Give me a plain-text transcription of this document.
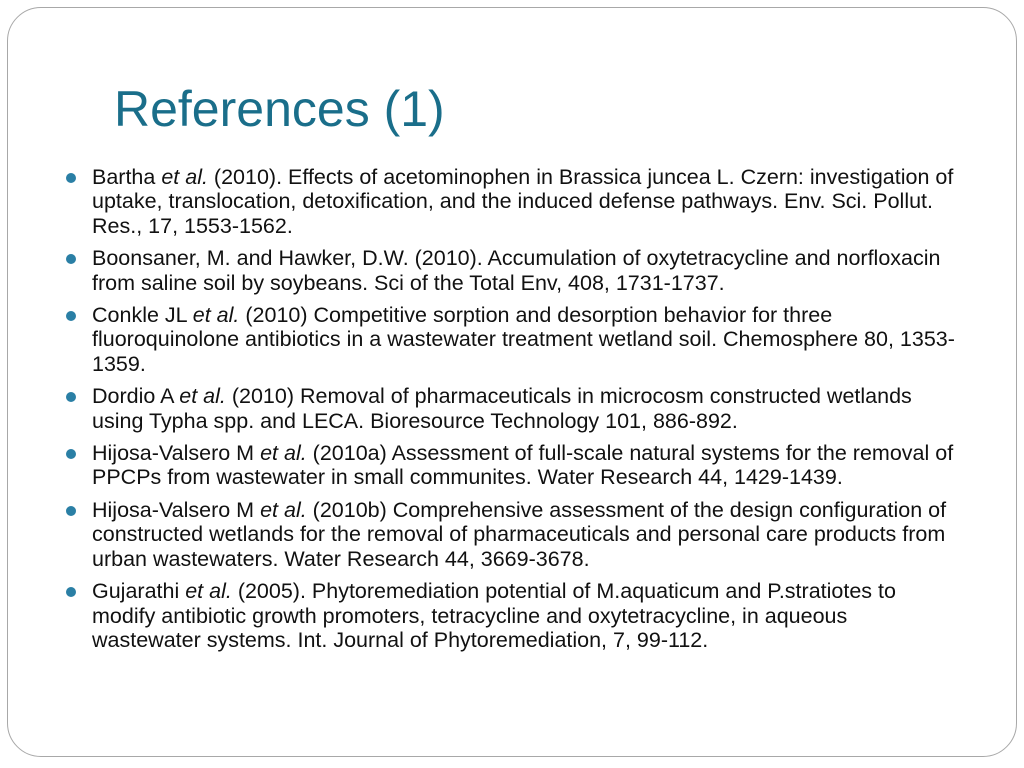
References (1)
Bartha et al. (2010). Effects of acetominophen in Brassica juncea L. Czern: investigation of uptake, translocation, detoxification, and the induced defense pathways. Env. Sci. Pollut. Res., 17, 1553-1562.
Boonsaner, M. and Hawker, D.W. (2010). Accumulation of oxytetracycline and norfloxacin from saline soil by soybeans. Sci of the Total Env, 408, 1731-1737.
Conkle JL et al. (2010) Competitive sorption and desorption behavior for three fluoroquinolone antibiotics in a wastewater treatment wetland soil. Chemosphere 80, 1353-1359.
Dordio A et al. (2010) Removal of pharmaceuticals in microcosm constructed wetlands using Typha spp. and LECA. Bioresource Technology 101, 886-892.
Hijosa-Valsero M et al. (2010a) Assessment of full-scale natural systems for the removal of PPCPs from wastewater in small communites. Water Research 44, 1429-1439.
Hijosa-Valsero M et al. (2010b) Comprehensive assessment of the design configuration of constructed wetlands for the removal of pharmaceuticals and personal care products from urban wastewaters. Water Research 44, 3669-3678.
Gujarathi et al. (2005). Phytoremediation potential of M.aquaticum and P.stratiotes to modify antibiotic growth promoters, tetracycline and oxytetracycline, in aqueous wastewater systems. Int. Journal of Phytoremediation, 7, 99-112.
